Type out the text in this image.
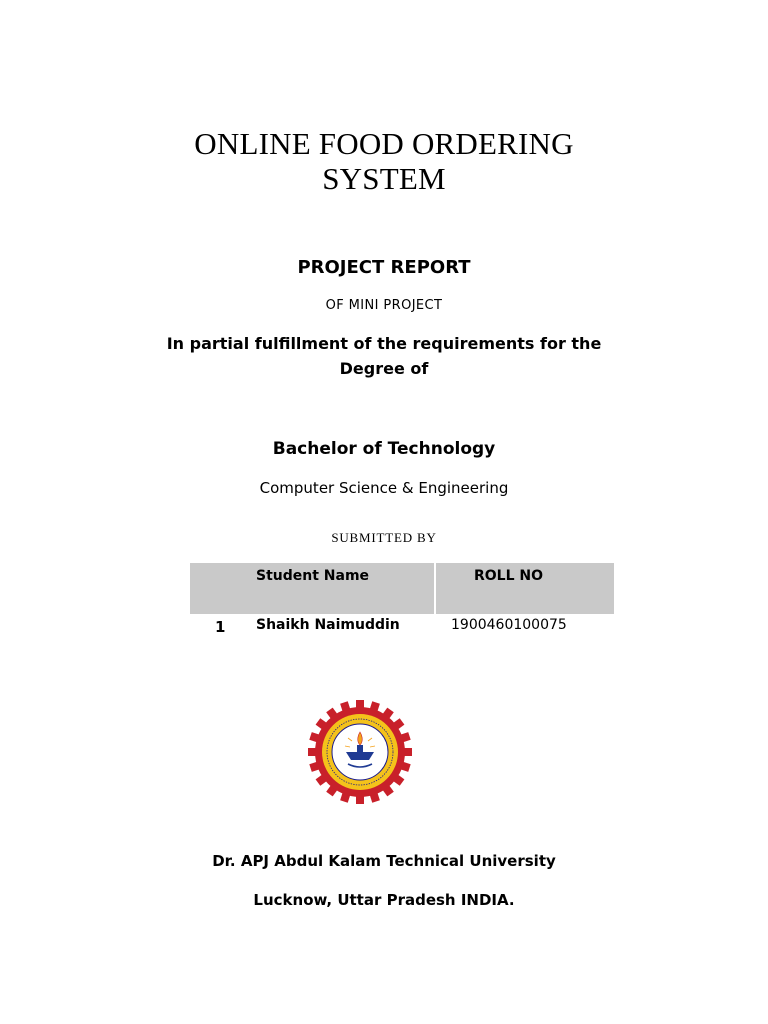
ONLINE FOOD ORDERING
SYSTEM
PROJECT REPORT
OF MINI PROJECT
In partial fulfillment of the requirements for the
Degree of
Bachelor of Technology
Computer Science & Engineering
SUBMITTED BY
Student Name	ROLL NO
1 Shaikh Naimuddin	1900460100075
Dr. APJ Abdul Kalam Technical University
Lucknow, Uttar Pradesh INDIA.
